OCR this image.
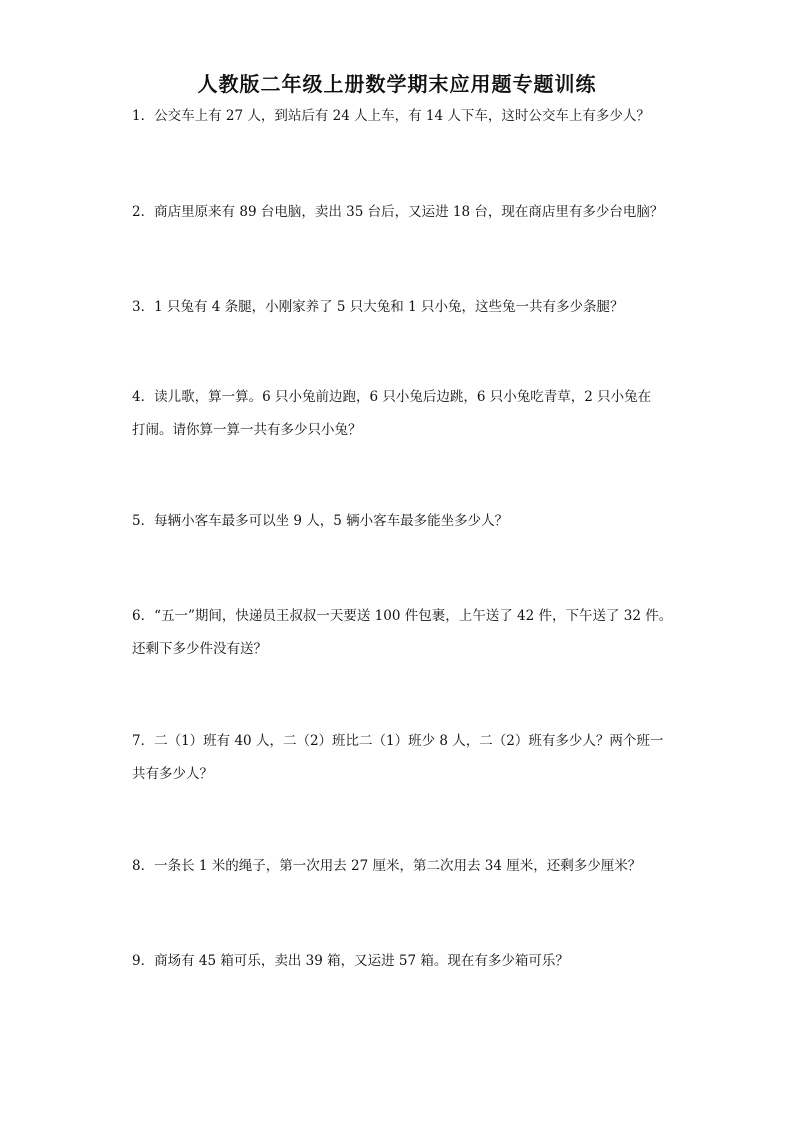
人教版二年级上册数学期末应用题专题训练
1．公交车上有 27 人，到站后有 24 人上车，有 14 人下车，这时公交车上有多少人？
2．商店里原来有 89 台电脑，卖出 35 台后，又运进 18 台，现在商店里有多少台电脑？
3．1 只兔有 4 条腿，小刚家养了 5 只大兔和 1 只小兔，这些兔一共有多少条腿？
4．读儿歌，算一算。6 只小兔前边跑，6 只小兔后边跳，6 只小兔吃青草，2 只小兔在
打闹。请你算一算一共有多少只小兔？
5．每辆小客车最多可以坐 9 人，5 辆小客车最多能坐多少人？
6．“五一”期间，快递员王叔叔一天要送 100 件包裹，上午送了 42 件，下午送了 32 件。
还剩下多少件没有送？
7．二（1）班有 40 人，二（2）班比二（1）班少 8 人，二（2）班有多少人？两个班一
共有多少人？
8．一条长 1 米的绳子，第一次用去 27 厘米，第二次用去 34 厘米，还剩多少厘米？
9．商场有 45 箱可乐，卖出 39 箱，又运进 57 箱。现在有多少箱可乐？
